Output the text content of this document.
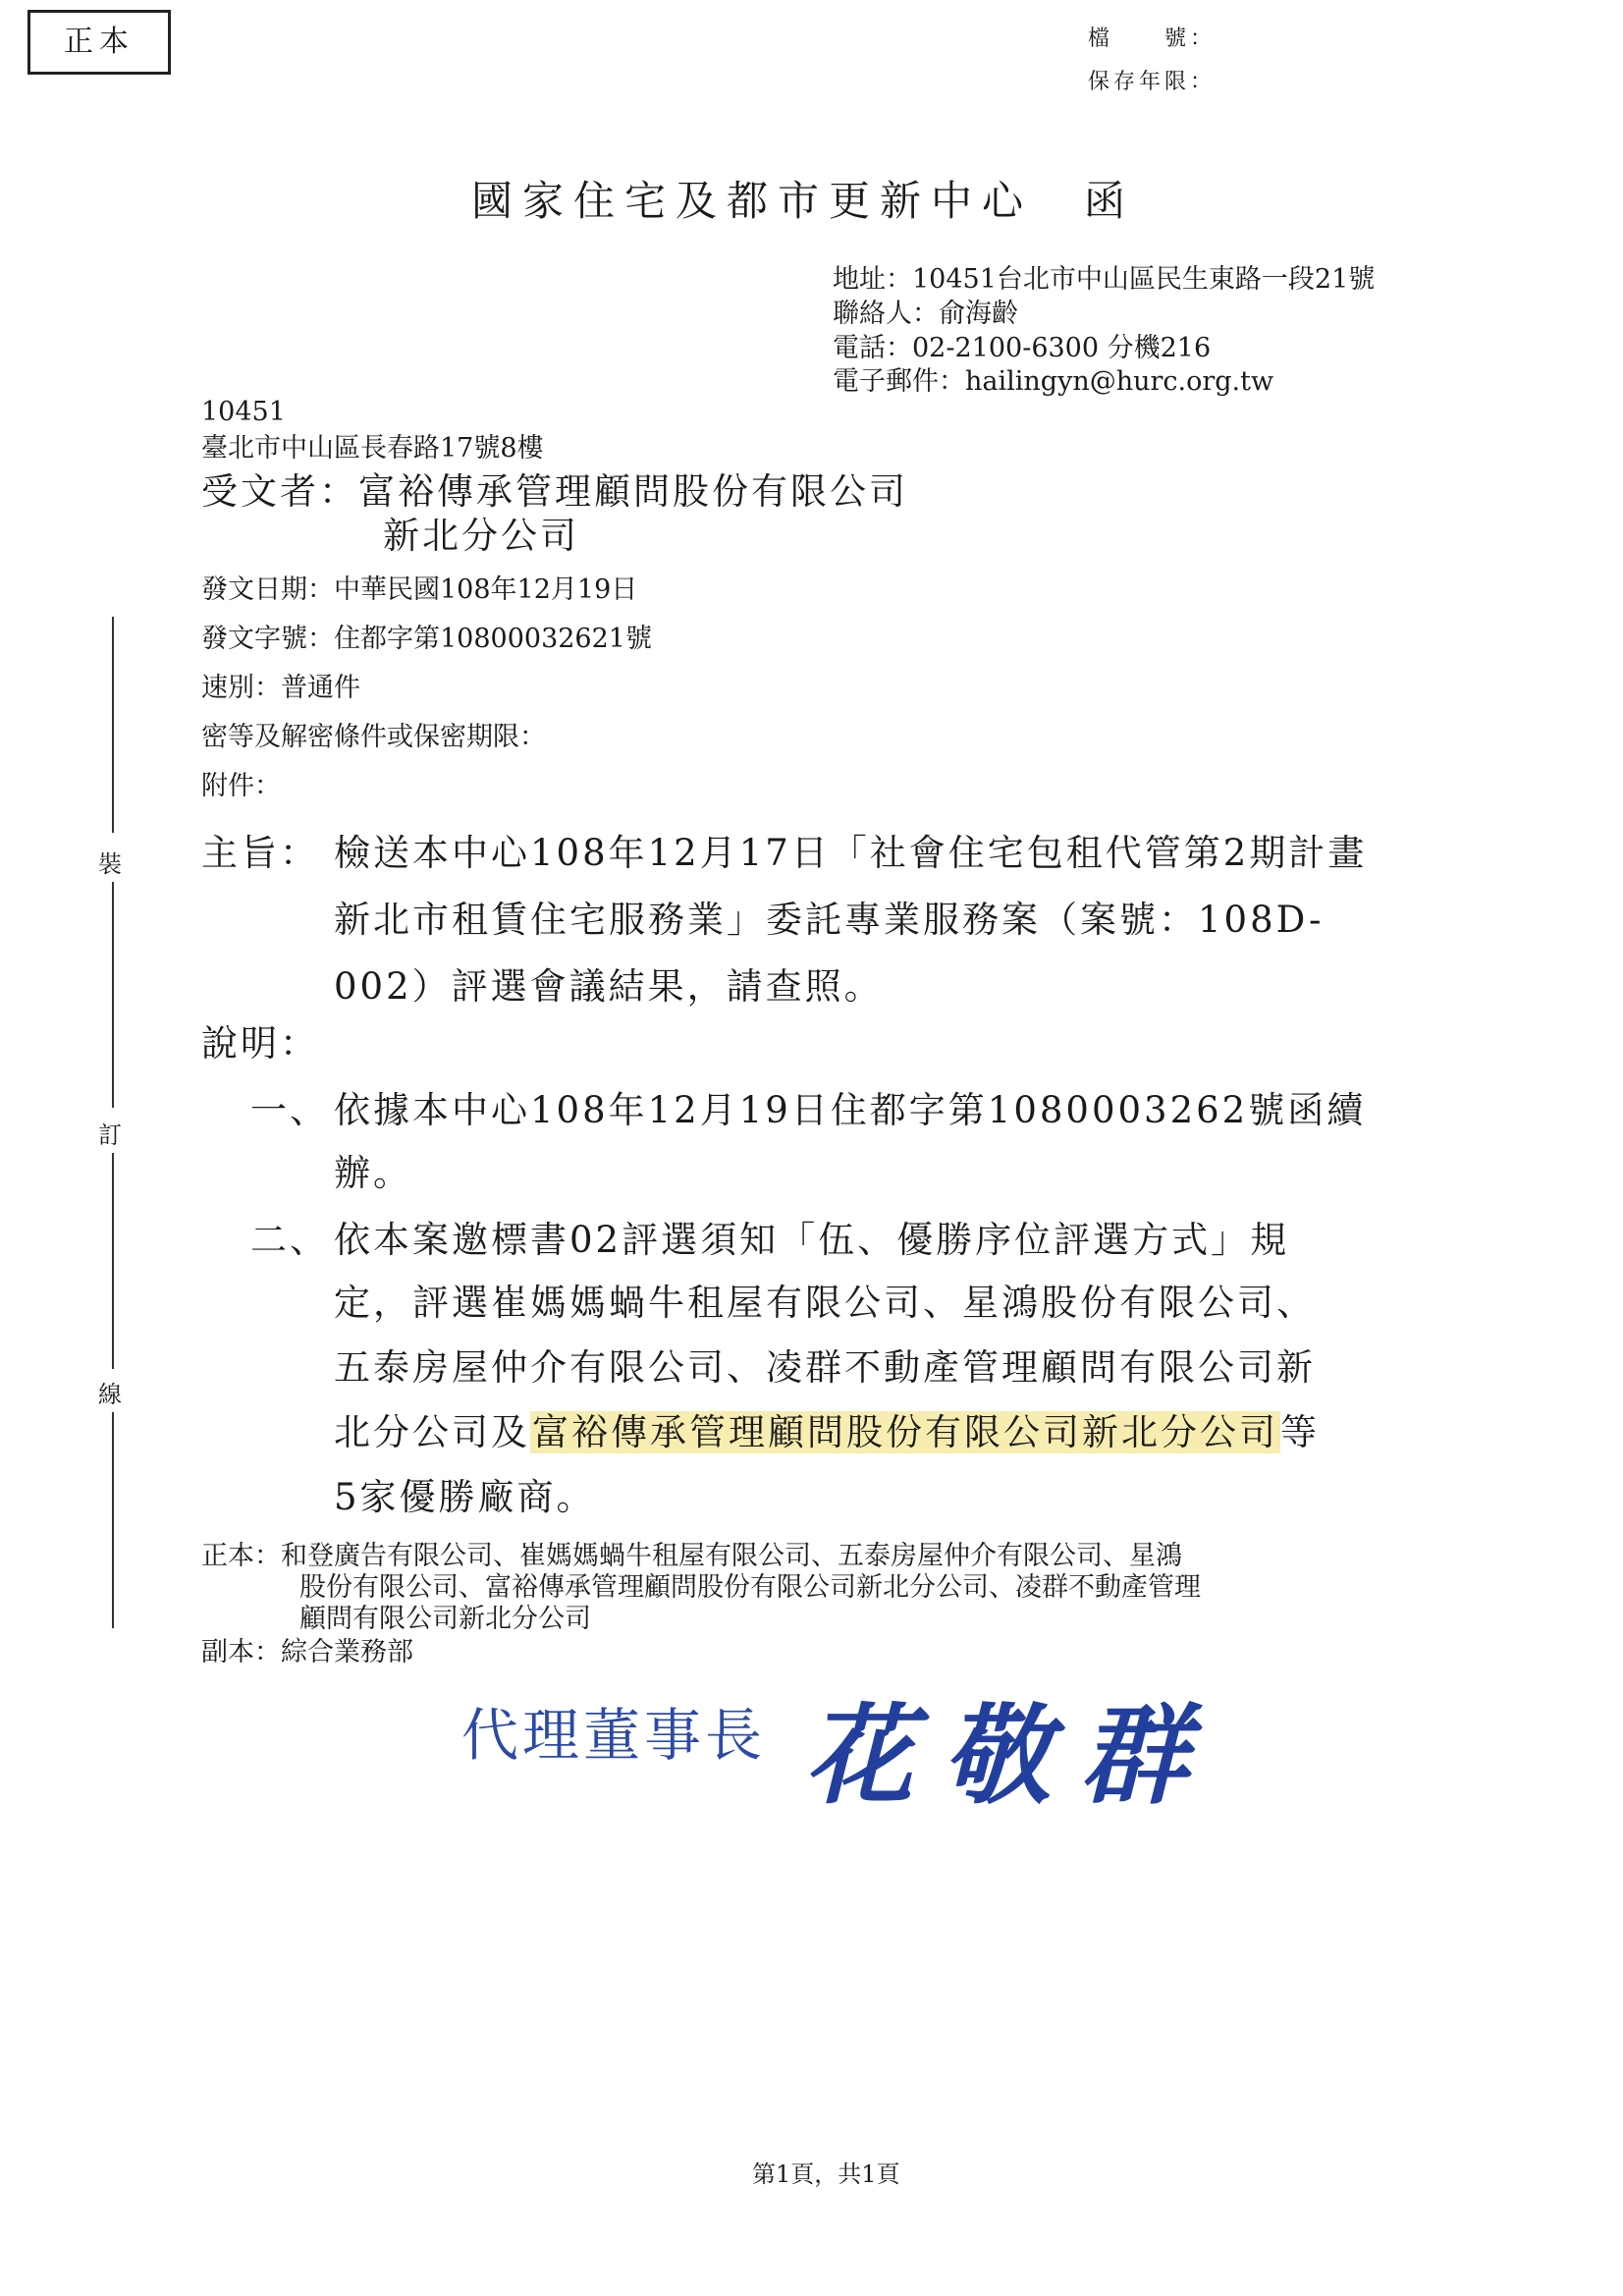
正本	檔　　號：
保存年限：
國家住宅及都市更新中心　函
地址：10451台北市中山區民生東路一段21號
聯絡人：俞海齡
電話：02-2100-6300 分機216
電子郵件：hailingyn@hurc.org.tw
10451
臺北市中山區長春路17號8樓
受文者：富裕傳承管理顧問股份有限公司
新北分公司
發文日期：中華民國108年12月19日
發文字號：住都字第10800032621號
速別：普通件
密等及解密條件或保密期限：
附件：
裝
訂
線
主旨： 檢送本中心108年12月17日「社會住宅包租代管第2期計畫
新北市租賃住宅服務業」委託專業服務案（案號：108D-
002）評選會議結果，請查照。
說明：
一、 依據本中心108年12月19日住都字第1080003262號函續
辦。
二、 依本案邀標書02評選須知「伍、優勝序位評選方式」規
定，評選崔媽媽蝸牛租屋有限公司、星鴻股份有限公司、
五泰房屋仲介有限公司、凌群不動產管理顧問有限公司新
北分公司及富裕傳承管理顧問股份有限公司新北分公司等
5家優勝廠商。
正本：和登廣告有限公司、崔媽媽蝸牛租屋有限公司、五泰房屋仲介有限公司、星鴻
股份有限公司、富裕傳承管理顧問股份有限公司新北分公司、凌群不動產管理
顧問有限公司新北分公司
副本：綜合業務部
代理董事長 花敬群
第1頁，共1頁
